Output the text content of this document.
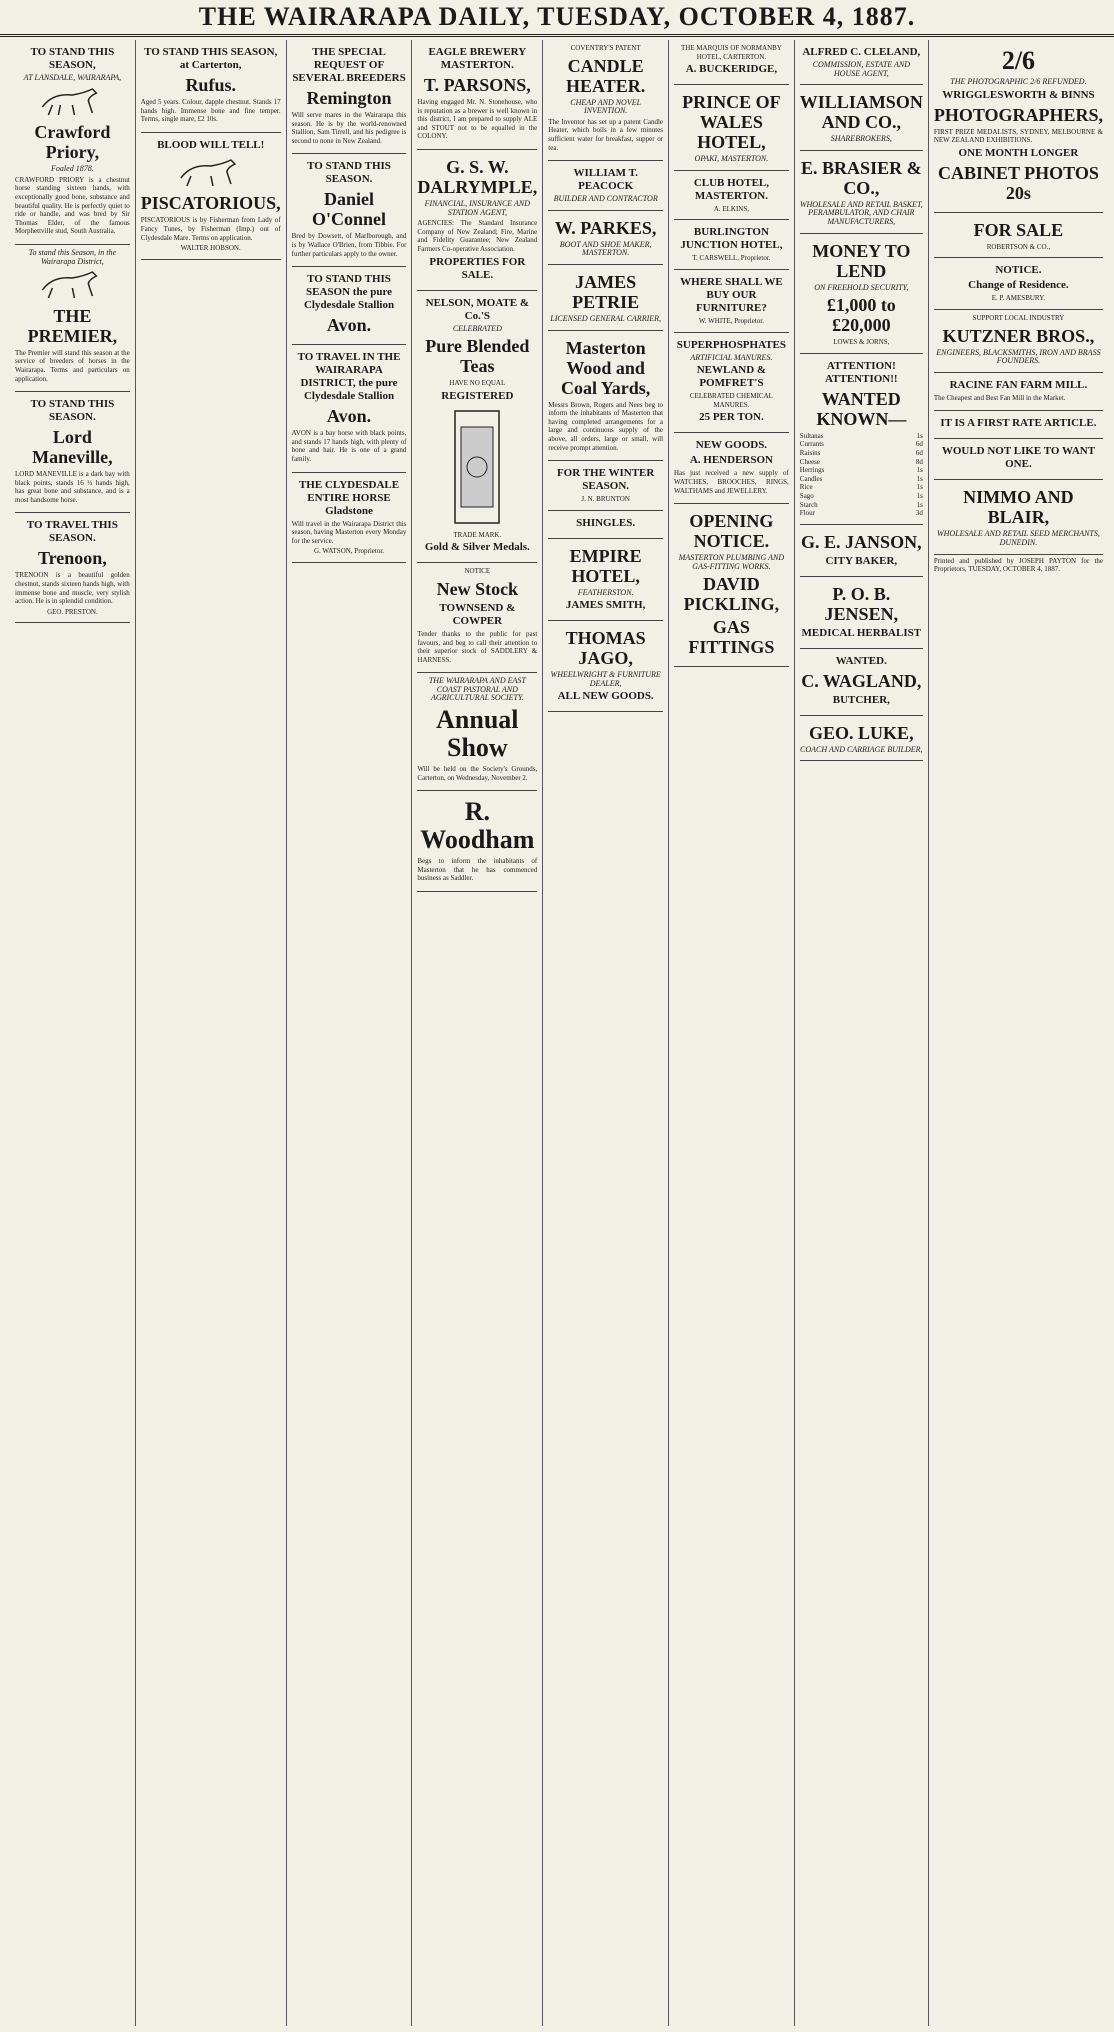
THE WAIRARAPA DAILY, TUESDAY, OCTOBER 4, 1887.
TO STAND THIS SEASON,
AT LANSDALE, WAIRARAPA,
Crawford Priory,
Foaled 1878.

CRAWFORD PRIORY is a chestnut horse standing sixteen hands, with exceptionally good bone, substance and beautiful quality. He is perfectly quiet to ride or handle, and was bred by Sir Thomas Elder, of the famous Morphettville stud, South Australia.

To stand this Season, in the Wairarapa District,
THE PREMIER,

The Premier will stand this season at the service of breeders of horses in the Wairarapa. Terms and particulars on application.

TO STAND THIS SEASON.
Lord Maneville,

LORD MANEVILLE is a dark bay with black points, stands 16 ½ hands high, has great bone and substance, and is a most handsome horse.

TO TRAVEL THIS SEASON.
Trenoon,

TRENOON is a beautiful golden chestnut, stands sixteen hands high, with immense bone and muscle, very stylish action. He is in splendid condition.

GEO. PRESTON.
TO STAND THIS SEASON, at Carterton,
Rufus.

Aged 5 years. Colour, dapple chestnut. Stands 17 hands high. Immense bone and fine temper. Terms, single mare, £2 10s.

BLOOD WILL TELL!
PISCATORIOUS,

PISCATORIOUS is by Fisherman from Lady of Fancy Tunes, by Fisherman (Imp.) out of Clydesdale Mare. Terms on application.

WALTER HOBSON.
THE SPECIAL REQUEST OF SEVERAL BREEDERS
Remington

Will serve mares in the Wairarapa this season. He is by the world-renowned Stallion, Sam Tirrell, and his pedigree is second to none in New Zealand.

TO STAND THIS SEASON.
Daniel O'Connel

Bred by Dowsett, of Marlborough, and is by Wallace O'Brien, from Tibbie. For further particulars apply to the owner.

TO STAND THIS SEASON the pure Clydesdale Stallion
Avon.
TO TRAVEL IN THE WAIRARAPA DISTRICT, the pure Clydesdale Stallion
Avon.

AVON is a bay horse with black points, and stands 17 hands high, with plenty of bone and hair. He is one of a grand family.

THE CLYDESDALE ENTIRE HORSE Gladstone

Will travel in the Wairarapa District this season, having Masterton every Monday for the service.

G. WATSON, Proprietor.
EAGLE BREWERY MASTERTON.
T. PARSONS,

Having engaged Mr. N. Stonehouse, who is reputation as a brewer is well known in this district, I am prepared to supply ALE and STOUT not to be equalled in the COLONY.

G. S. W. DALRYMPLE,
FINANCIAL, INSURANCE AND STATION AGENT,

AGENCIES: The Standard Insurance Company of New Zealand; Fire, Marine and Fidelity Guarantee; New Zealand Farmers Co-operative Association.

PROPERTIES FOR SALE.
NELSON, MOATE & Co.'S
CELEBRATED
Pure Blended Teas
HAVE NO EQUAL
REGISTERED
TRADE MARK.
Gold & Silver Medals.
NOTICE
New Stock
TOWNSEND & COWPER

Tender thanks to the public for past favours, and beg to call their attention to their superior stock of SADDLERY & HARNESS.

THE WAIRARAPA AND EAST COAST PASTORAL AND AGRICULTURAL SOCIETY.
Annual Show

Will be held on the Society's Grounds, Carterton, on Wednesday, November 2.

R. Woodham

Begs to inform the inhabitants of Masterton that he has commenced business as Saddler.

COVENTRY'S PATENT
CANDLE HEATER.
CHEAP AND NOVEL INVENTION.

The Inventor has set up a patent Candle Heater, which boils in a few minutes sufficient water for breakfast, supper or tea.

WILLIAM T. PEACOCK
BUILDER AND CONTRACTOR
W. PARKES,
BOOT AND SHOE MAKER, MASTERTON.
JAMES PETRIE
LICENSED GENERAL CARRIER,
Masterton Wood and Coal Yards,

Messrs Brown, Rogers and Nees beg to inform the inhabitants of Masterton that having completed arrangements for a large and continuous supply of the above, all orders, large or small, will receive prompt attention.

FOR THE WINTER SEASON.
J. N. BRUNTON
SHINGLES.
EMPIRE HOTEL,
FEATHERSTON.
JAMES SMITH,
THOMAS JAGO,
WHEELWRIGHT & FURNITURE DEALER,
ALL NEW GOODS.
THE MARQUIS OF NORMANBY HOTEL, CARTERTON.
A. BUCKERIDGE,
PRINCE OF WALES HOTEL,
OPAKI, MASTERTON.
CLUB HOTEL, MASTERTON.
A. ELKINS,
BURLINGTON JUNCTION HOTEL,
T. CARSWELL, Proprietor.
WHERE SHALL WE BUY OUR FURNITURE?
W. WHITE, Proprietor.
SUPERPHOSPHATES
ARTIFICIAL MANURES.
NEWLAND & POMFRET'S
CELEBRATED CHEMICAL MANURES.
25 PER TON.
NEW GOODS.
A. HENDERSON

Has just received a new supply of WATCHES, BROOCHES, RINGS, WALTHAMS and JEWELLERY.

OPENING NOTICE.
MASTERTON PLUMBING AND GAS-FITTING WORKS.
DAVID PICKLING,
GAS FITTINGS
ALFRED C. CLELAND,
COMMISSION, ESTATE AND HOUSE AGENT,
WILLIAMSON AND CO.,
SHAREBROKERS,
E. BRASIER & CO.,
WHOLESALE AND RETAIL BASKET, PERAMBULATOR, AND CHAIR MANUFACTURERS,
MONEY TO LEND
ON FREEHOLD SECURITY,
£1,000 to £20,000
LOWES & JORNS,
ATTENTION! ATTENTION!!
WANTED KNOWN—
Sultanas	1s
Currants	6d
Raisins	6d
Cheese	8d
Herrings	1s
Candles	1s
Rice	1s
Sago	1s
Starch	1s
Flour	3d
G. E. JANSON,
CITY BAKER,
P. O. B. JENSEN,
MEDICAL HERBALIST
WANTED.
C. WAGLAND,
BUTCHER,
GEO. LUKE,
COACH AND CARRIAGE BUILDER,
2/6
THE PHOTOGRAPHIC 2/6 REFUNDED.
WRIGGLESWORTH & BINNS
PHOTOGRAPHERS,

FIRST PRIZE MEDALISTS, SYDNEY, MELBOURNE & NEW ZEALAND EXHIBITIONS.

ONE MONTH LONGER
CABINET PHOTOS 20s
FOR SALE
ROBERTSON & CO.,
NOTICE.
Change of Residence.
E. P. AMESBURY.
SUPPORT LOCAL INDUSTRY
KUTZNER BROS.,
ENGINEERS, BLACKSMITHS, IRON AND BRASS FOUNDERS.
RACINE FAN FARM MILL.

The Cheapest and Best Fan Mill in the Market.

IT IS A FIRST RATE ARTICLE.
WOULD NOT LIKE TO WANT ONE.
NIMMO AND BLAIR,
WHOLESALE AND RETAIL SEED MERCHANTS, DUNEDIN.

Printed and published by JOSEPH PAYTON for the Proprietors, TUESDAY, OCTOBER 4, 1887.
